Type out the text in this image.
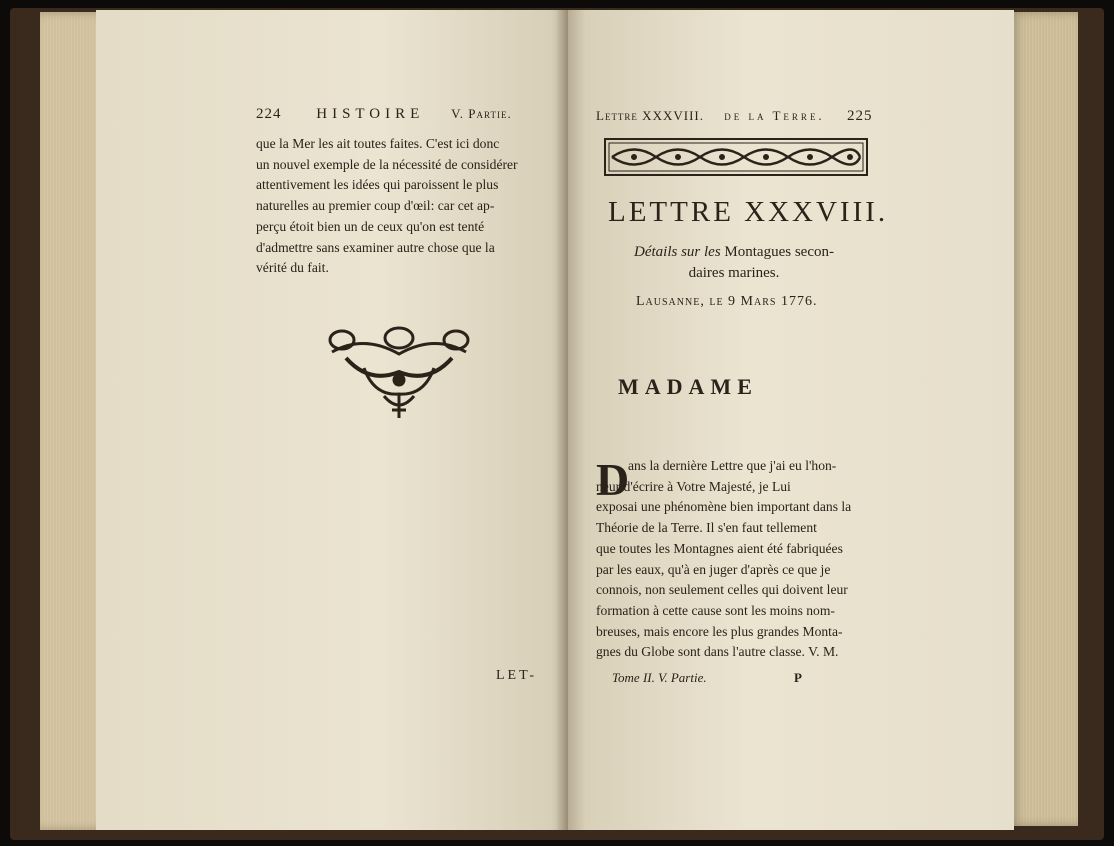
224 HISTOIRE V. Partie.

que la Mer les ait toutes faites. C'est ici donc

un nouvel exemple de la nécessité de considérer

attentivement les idées qui paroissent le plus

naturelles au premier coup d'œil: car cet ap-

perçu étoit bien un de ceux qu'on est tenté

d'admettre sans examiner autre chose que la

vérité du fait.

LET-
Lettre XXXVIII. de la Terre. 225
LETTRE XXXVIII.
Détails sur les Montagues secon-
daires marines.
Lausanne, le 9 Mars 1776.
MADAME
D

ans la dernière Lettre que j'ai eu l'hon-

neur d'écrire à Votre Majesté, je Lui

exposai une phénomène bien important dans la

Théorie de la Terre. Il s'en faut tellement

que toutes les Montagnes aient été fabriquées

par les eaux, qu'à en juger d'après ce que je

connois, non seulement celles qui doivent leur

formation à cette cause sont les moins nom-

breuses, mais encore les plus grandes Monta-

gnes du Globe sont dans l'autre classe. V. M.

Tome II. V. Partie.	P
